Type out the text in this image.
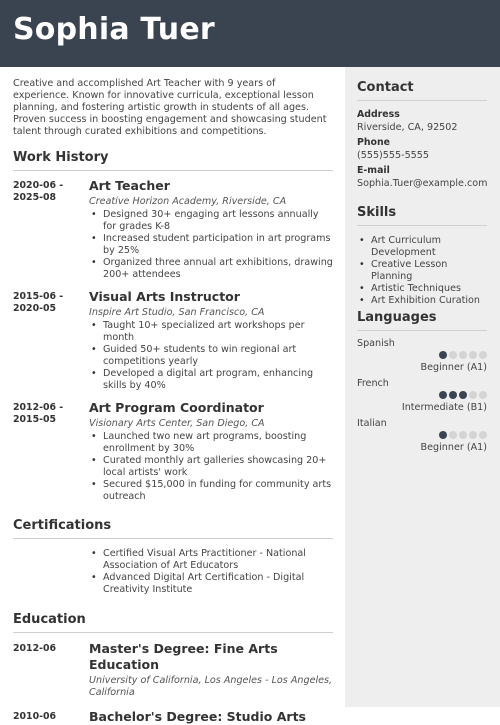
Sophia Tuer
Creative and accomplished Art Teacher with 9 years of experience. Known for innovative curricula, exceptional lesson planning, and fostering artistic growth in students of all ages. Proven success in boosting engagement and showcasing student talent through curated exhibitions and competitions.
Work History
2020-06 -
2025-08
Art Teacher
Creative Horizon Academy, Riverside, CA
• Designed 30+ engaging art lessons annually for grades K-8
• Increased student participation in art programs by 25%
• Organized three annual art exhibitions, drawing 200+ attendees
2015-06 -
2020-05
Visual Arts Instructor
Inspire Art Studio, San Francisco, CA
• Taught 10+ specialized art workshops per month
• Guided 50+ students to win regional art competitions yearly
• Developed a digital art program, enhancing skills by 40%
2012-06 -
2015-05
Art Program Coordinator
Visionary Arts Center, San Diego, CA
• Launched two new art programs, boosting enrollment by 30%
• Curated monthly art galleries showcasing 20+ local artists' work
• Secured $15,000 in funding for community arts outreach
Certifications
• Certified Visual Arts Practitioner - National Association of Art Educators
• Advanced Digital Art Certification - Digital Creativity Institute
Education
2012-06	Master's Degree: Fine Arts Education
University of California, Los Angeles - Los Angeles, California
2010-06	Bachelor's Degree: Studio Arts
Contact
Address
Riverside, CA, 92502
Phone
(555)555-5555
E-mail
Sophia.Tuer@example.com
Skills
• Art Curriculum Development
• Creative Lesson Planning
• Artistic Techniques
• Art Exhibition Curation
Languages
Spanish
Beginner (A1)
French
Intermediate (B1)
Italian
Beginner (A1)
